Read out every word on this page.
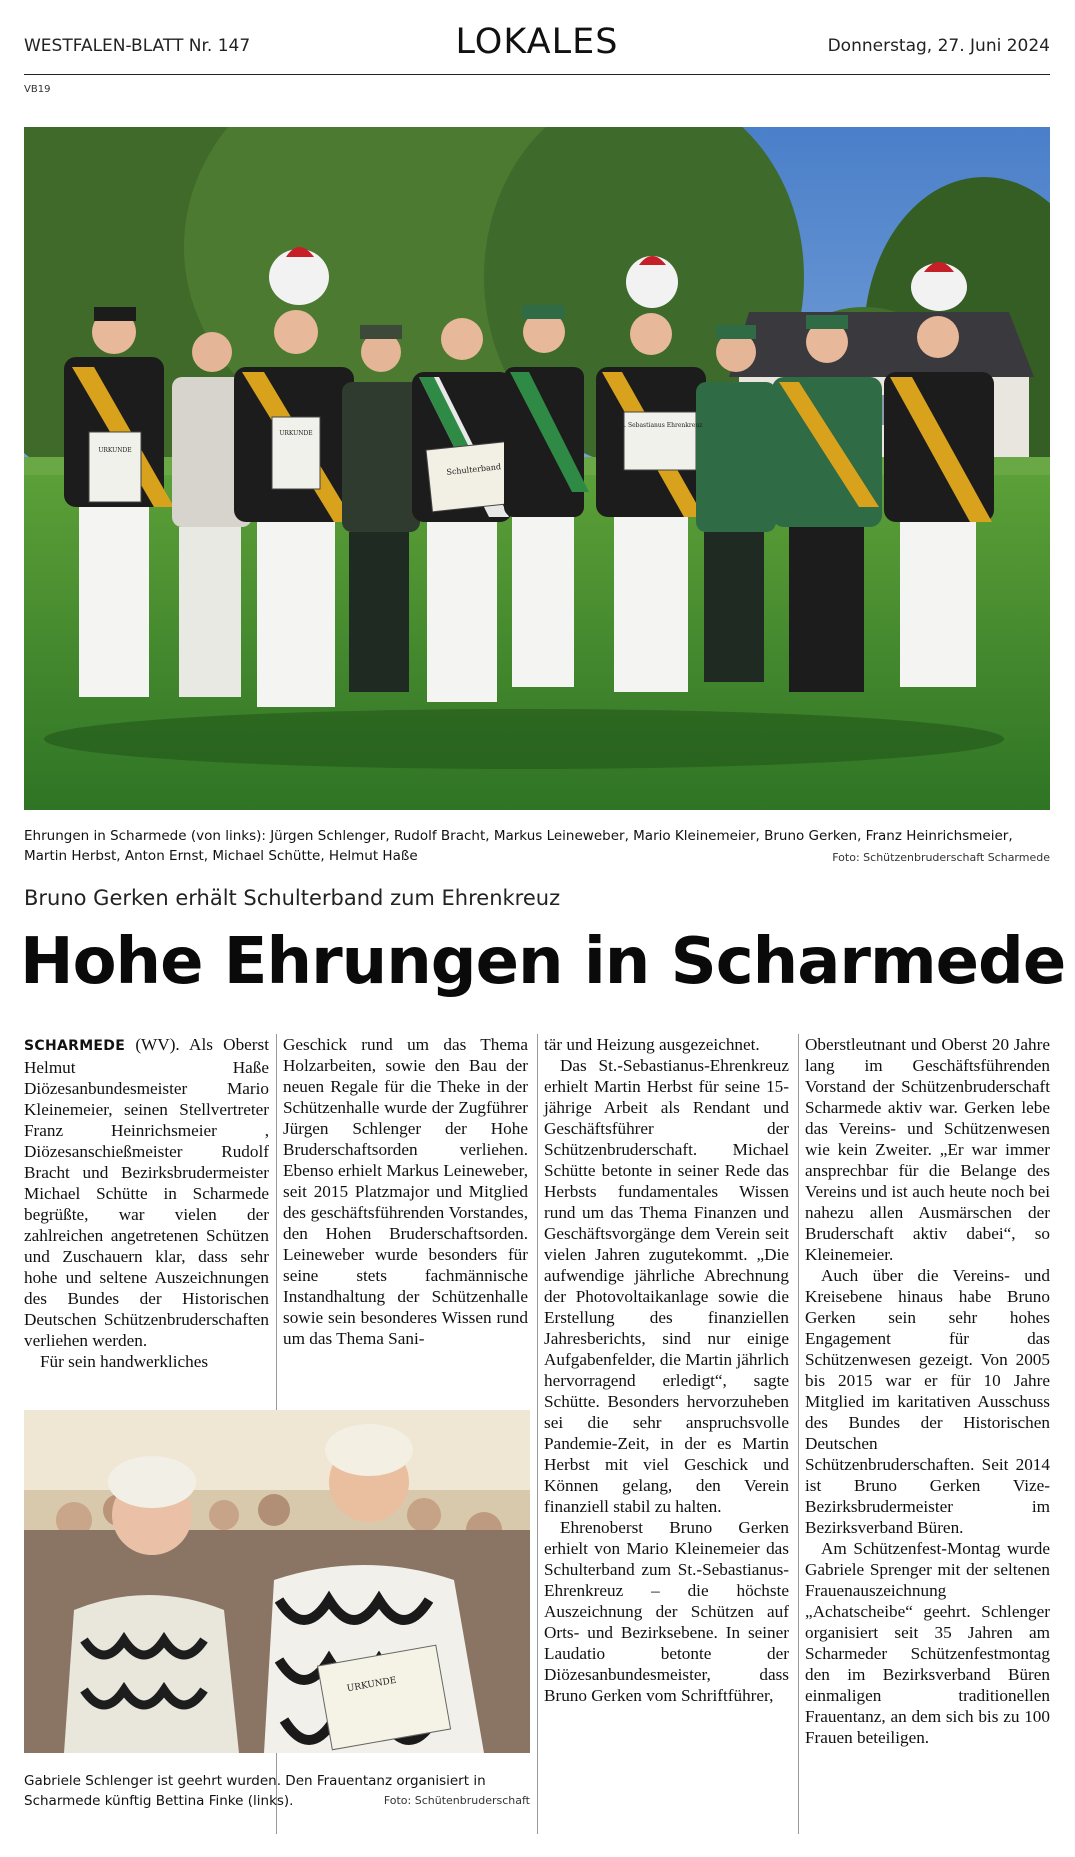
WESTFALEN-BLATT Nr. 147	LOKALES	Donnerstag, 27. Juni 2024
VB19
URKUNDE
URKUNDE
Schulterband
St. Sebastianus Ehrenkreuz
Ehrungen in Scharmede (von links): Jürgen Schlenger, Rudolf Bracht, Markus Leineweber, Mario Kleinemeier, Bruno Gerken, Franz Heinrichsmeier, Martin Herbst, Anton Ernst, Michael Schütte, Helmut Haße	Foto: Schützenbruderschaft Scharmede
Bruno Gerken erhält Schulterband zum Ehrenkreuz
Hohe Ehrungen in Scharmede

SCHARMEDE (WV). Als Oberst Helmut Haße Diözesanbundesmeister Mario Kleinemeier, seinen Stellvertreter Franz Heinrichsmeier , Diözesanschießmeister Rudolf Bracht und Bezirksbrudermeister Michael Schütte in Scharmede begrüßte, war vielen der zahlreichen angetretenen Schützen und Zuschauern klar, dass sehr hohe und seltene Auszeichnungen des Bundes der Historischen Deutschen Schützenbruderschaften verliehen werden.

Für sein handwerkliches

Geschick rund um das Thema Holzarbeiten, sowie den Bau der neuen Regale für die Theke in der Schützenhalle wurde der Zugführer Jürgen Schlenger der Hohe Bruderschaftsorden verliehen. Ebenso erhielt Markus Leineweber, seit 2015 Platzmajor und Mitglied des geschäftsführenden Vorstandes, den Hohen Bruderschaftsorden. Leineweber wurde besonders für seine stets fachmännische Instandhaltung der Schützenhalle sowie sein besonderes Wissen rund um das Thema Sani-

tär und Heizung ausgezeichnet.

Das St.-Sebastianus-Ehrenkreuz erhielt Martin Herbst für seine 15-jährige Arbeit als Rendant und Geschäftsführer der Schützenbruderschaft. Michael Schütte betonte in seiner Rede das Herbsts fundamentales Wissen rund um das Thema Finanzen und Geschäftsvorgänge dem Verein seit vielen Jahren zugutekommt. „Die aufwendige jährliche Abrechnung der Photovoltaikanlage sowie die Erstellung des finanziellen Jahresberichts, sind nur einige Aufgabenfelder, die Martin jährlich hervorragend erledigt“, sagte Schütte. Besonders hervorzuheben sei die sehr anspruchsvolle Pandemie-Zeit, in der es Martin Herbst mit viel Geschick und Können gelang, den Verein finanziell stabil zu halten.

Ehrenoberst Bruno Gerken erhielt von Mario Kleinemeier das Schulterband zum St.-Sebastianus-Ehrenkreuz – die höchste Auszeichnung der Schützen auf Orts- und Bezirksebene. In seiner Laudatio betonte der Diözesanbundesmeister, dass Bruno Gerken vom Schriftführer,

Oberstleutnant und Oberst 20 Jahre lang im Geschäftsführenden Vorstand der Schützenbruderschaft Scharmede aktiv war. Gerken lebe das Vereins- und Schützenwesen wie kein Zweiter. „Er war immer ansprechbar für die Belange des Vereins und ist auch heute noch bei nahezu allen Ausmärschen der Bruderschaft aktiv dabei“, so Kleinemeier.

Auch über die Vereins- und Kreisebene hinaus habe Bruno Gerken sein sehr hohes Engagement für das Schützenwesen gezeigt. Von 2005 bis 2015 war er für 10 Jahre Mitglied im karitativen Ausschuss des Bundes der Historischen Deutschen Schützenbruderschaften. Seit 2014 ist Bruno Gerken Vize-Bezirksbrudermeister im Bezirksverband Büren.

Am Schützenfest-Montag wurde Gabriele Sprenger mit der seltenen Frauenauszeichnung „Achatscheibe“ geehrt. Schlenger organisiert seit 35 Jahren am Scharmeder Schützenfestmontag den im Bezirksverband Büren einmaligen traditionellen Frauentanz, an dem sich bis zu 100 Frauen beteiligen.

URKUNDE
Gabriele Schlenger ist geehrt wurden. Den Frauentanz organisiert in Scharmede künftig Bettina Finke (links).	Foto: Schütenbruderschaft
